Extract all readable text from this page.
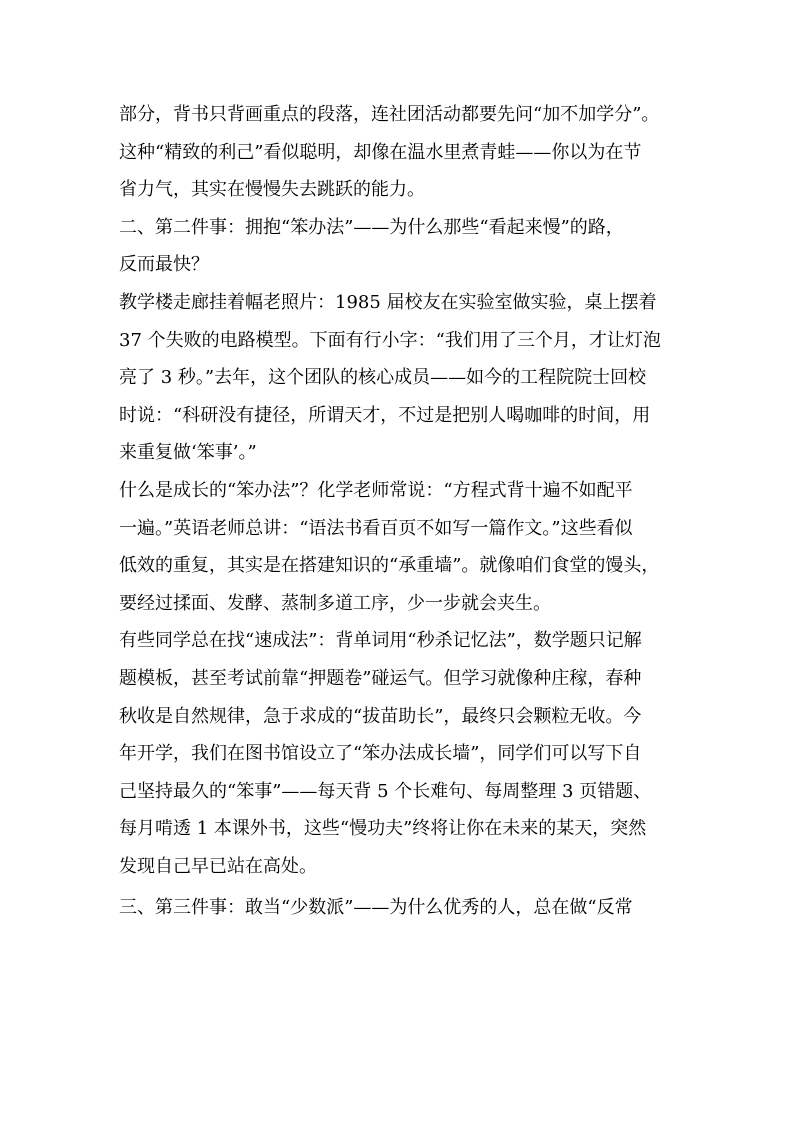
部分，背书只背画重点的段落，连社团活动都要先问“加不加学分”。
这种“精致的利己”看似聪明，却像在温水里煮青蛙——你以为在节
省力气，其实在慢慢失去跳跃的能力。
二、第二件事：拥抱“笨办法”——为什么那些“看起来慢”的路，
反而最快？
教学楼走廊挂着幅老照片：1985 届校友在实验室做实验，桌上摆着
37 个失败的电路模型。下面有行小字：“我们用了三个月，才让灯泡
亮了 3 秒。”去年，这个团队的核心成员——如今的工程院院士回校
时说：“科研没有捷径，所谓天才，不过是把别人喝咖啡的时间，用
来重复做‘笨事’。”
什么是成长的“笨办法”？化学老师常说：“方程式背十遍不如配平
一遍。”英语老师总讲：“语法书看百页不如写一篇作文。”这些看似
低效的重复，其实是在搭建知识的“承重墙”。就像咱们食堂的馒头，
要经过揉面、发酵、蒸制多道工序，少一步就会夹生。
有些同学总在找“速成法”：背单词用“秒杀记忆法”，数学题只记解
题模板，甚至考试前靠“押题卷”碰运气。但学习就像种庄稼，春种
秋收是自然规律，急于求成的“拔苗助长”，最终只会颗粒无收。今
年开学，我们在图书馆设立了“笨办法成长墙”，同学们可以写下自
己坚持最久的“笨事”——每天背 5 个长难句、每周整理 3 页错题、
每月啃透 1 本课外书，这些“慢功夫”终将让你在未来的某天，突然
发现自己早已站在高处。
三、第三件事：敢当“少数派”——为什么优秀的人，总在做“反常
